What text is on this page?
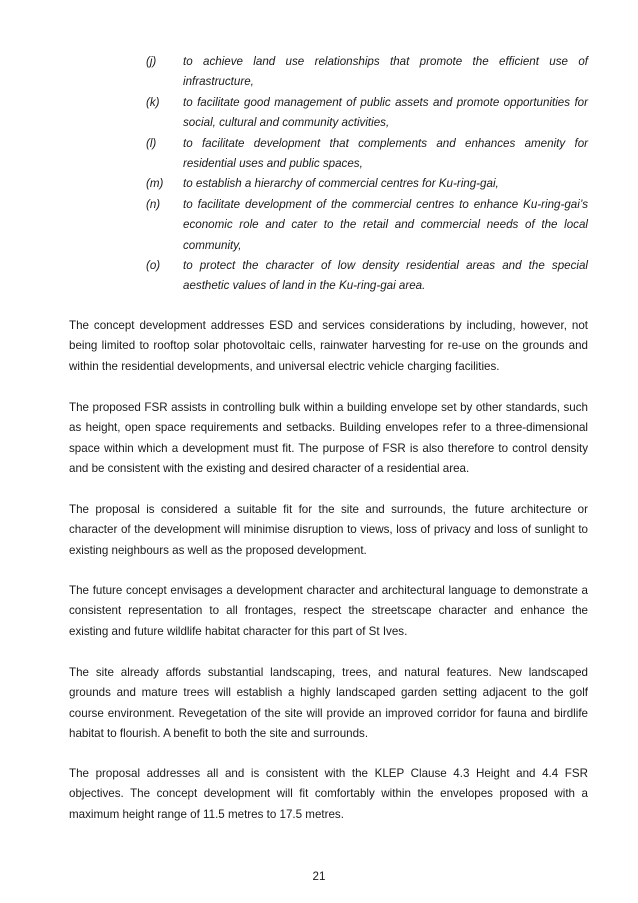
(j)	to achieve land use relationships that promote the efficient use of infrastructure,
(k)	to facilitate good management of public assets and promote opportunities for social, cultural and community activities,
(l)	to facilitate development that complements and enhances amenity for residential uses and public spaces,
(m)	to establish a hierarchy of commercial centres for Ku-ring-gai,
(n)	to facilitate development of the commercial centres to enhance Ku-ring-gai’s economic role and cater to the retail and commercial needs of the local community,
(o)	to protect the character of low density residential areas and the special aesthetic values of land in the Ku-ring-gai area.

The concept development addresses ESD and services considerations by including, however, not being limited to rooftop solar photovoltaic cells, rainwater harvesting for re-use on the grounds and within the residential developments, and universal electric vehicle charging facilities.

The proposed FSR assists in controlling bulk within a building envelope set by other standards, such as height, open space requirements and setbacks. Building envelopes refer to a three-dimensional space within which a development must fit. The purpose of FSR is also therefore to control density and be consistent with the existing and desired character of a residential area.

The proposal is considered a suitable fit for the site and surrounds, the future architecture or character of the development will minimise disruption to views, loss of privacy and loss of sunlight to existing neighbours as well as the proposed development.

The future concept envisages a development character and architectural language to demonstrate a consistent representation to all frontages, respect the streetscape character and enhance the existing and future wildlife habitat character for this part of St Ives.

The site already affords substantial landscaping, trees, and natural features. New landscaped grounds and mature trees will establish a highly landscaped garden setting adjacent to the golf course environment. Revegetation of the site will provide an improved corridor for fauna and birdlife habitat to flourish. A benefit to both the site and surrounds.

The proposal addresses all and is consistent with the KLEP Clause 4.3 Height and 4.4 FSR objectives. The concept development will fit comfortably within the envelopes proposed with a maximum height range of 11.5 metres to 17.5 metres.

21
